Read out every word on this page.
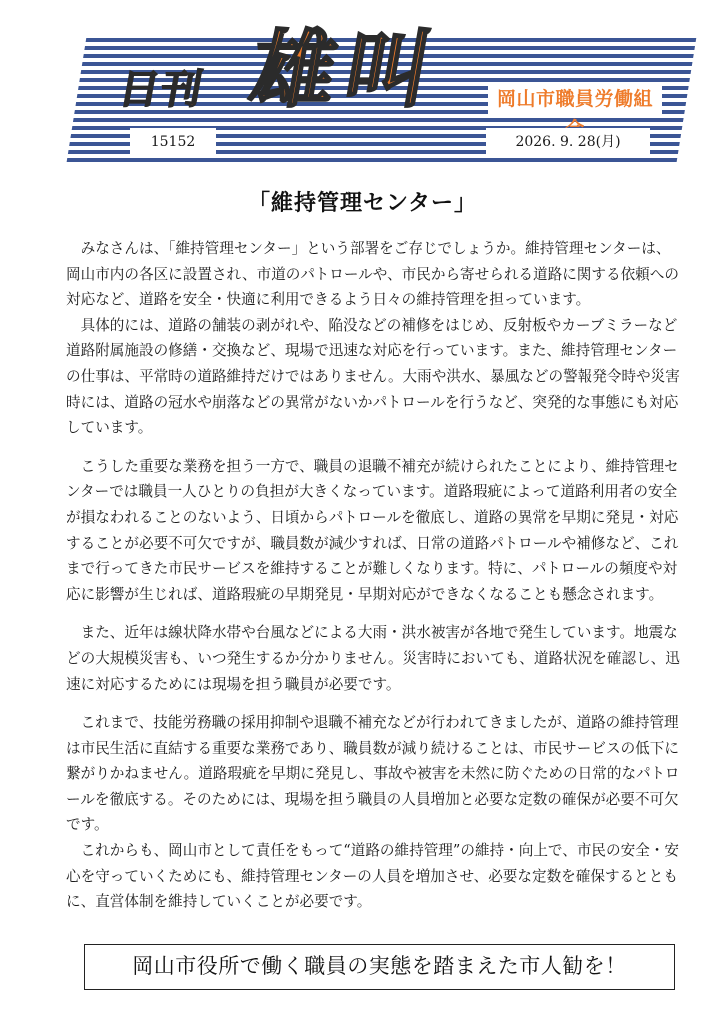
日刊 雄叫	岡山市職員労働組
15152	2026. 9. 28(月)
「維持管理センター」

みなさんは、「維持管理センター」という部署をご存じでしょうか。維持管理センターは、岡山市内の各区に設置され、市道のパトロールや、市民から寄せられる道路に関する依頼への対応など、道路を安全・快適に利用できるよう日々の維持管理を担っています。

具体的には、道路の舗装の剥がれや、陥没などの補修をはじめ、反射板やカーブミラーなど道路附属施設の修繕・交換など、現場で迅速な対応を行っています。また、維持管理センターの仕事は、平常時の道路維持だけではありません。大雨や洪水、暴風などの警報発令時や災害時には、道路の冠水や崩落などの異常がないかパトロールを行うなど、突発的な事態にも対応しています。

こうした重要な業務を担う一方で、職員の退職不補充が続けられたことにより、維持管理センターでは職員一人ひとりの負担が大きくなっています。道路瑕疵によって道路利用者の安全が損なわれることのないよう、日頃からパトロールを徹底し、道路の異常を早期に発見・対応することが必要不可欠ですが、職員数が減少すれば、日常の道路パトロールや補修など、これまで行ってきた市民サービスを維持することが難しくなります。特に、パトロールの頻度や対応に影響が生じれば、道路瑕疵の早期発見・早期対応ができなくなることも懸念されます。

また、近年は線状降水帯や台風などによる大雨・洪水被害が各地で発生しています。地震などの大規模災害も、いつ発生するか分かりません。災害時においても、道路状況を確認し、迅速に対応するためには現場を担う職員が必要です。

これまで、技能労務職の採用抑制や退職不補充などが行われてきましたが、道路の維持管理は市民生活に直結する重要な業務であり、職員数が減り続けることは、市民サービスの低下に繋がりかねません。道路瑕疵を早期に発見し、事故や被害を未然に防ぐための日常的なパトロールを徹底する。そのためには、現場を担う職員の人員増加と必要な定数の確保が必要不可欠です。

これからも、岡山市として責任をもって“道路の維持管理”の維持・向上で、市民の安全・安心を守っていくためにも、維持管理センターの人員を増加させ、必要な定数を確保するとともに、直営体制を維持していくことが必要です。

岡山市役所で働く職員の実態を踏まえた市人勧を！
